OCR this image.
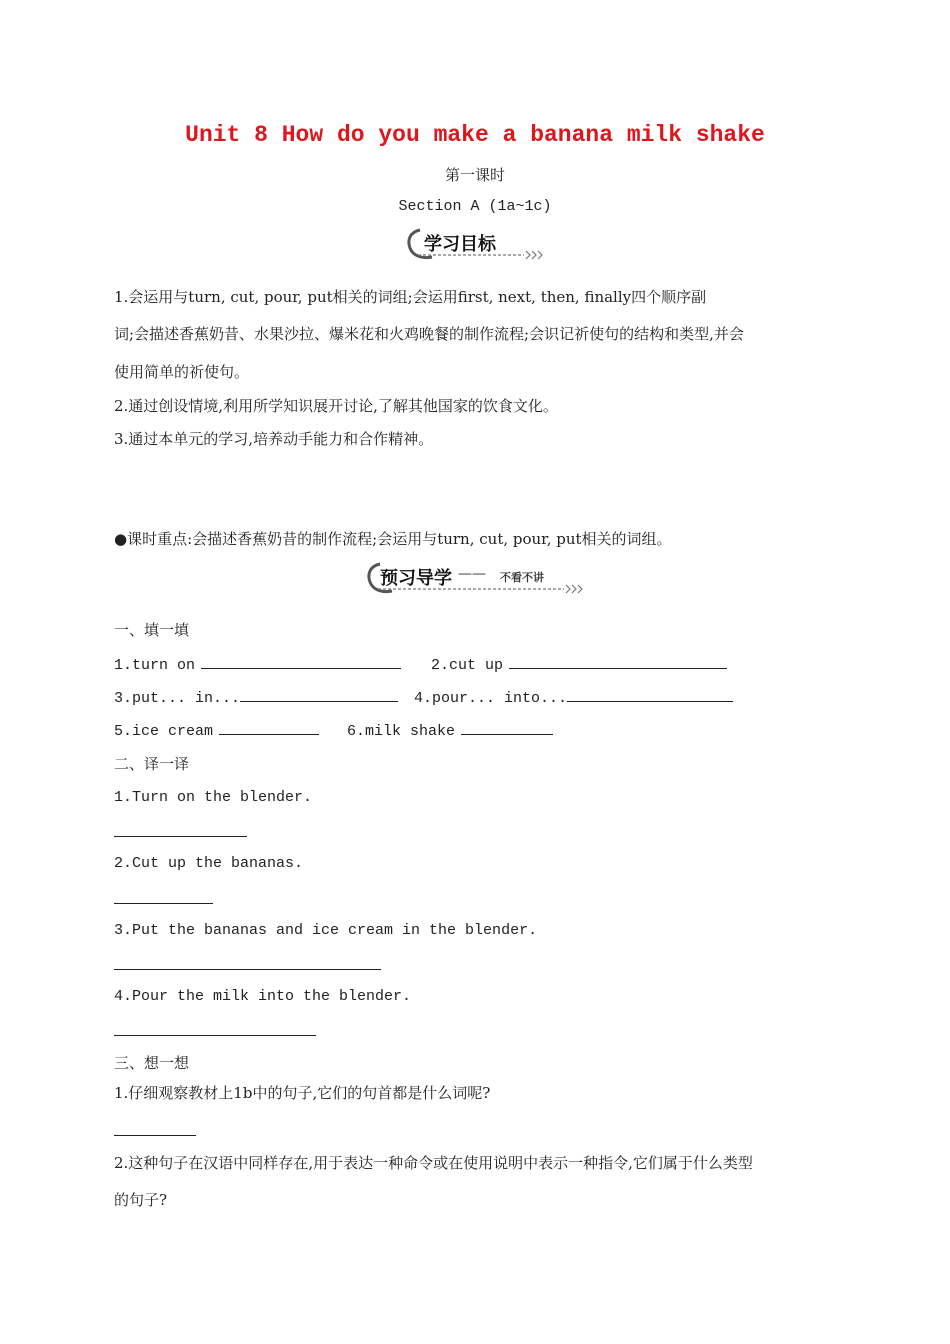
Unit 8 How do you make a banana milk shake
第一课时
Section A (1a~1c)
学习目标
1.会运用与turn, cut, pour, put相关的词组;会运用first, next, then, finally四个顺序副
词;会描述香蕉奶昔、水果沙拉、爆米花和火鸡晚餐的制作流程;会识记祈使句的结构和类型,并会
使用简单的祈使句。
2.通过创设情境,利用所学知识展开讨论,了解其他国家的饮食文化。
3.通过本单元的学习,培养动手能力和合作精神。
●课时重点:会描述香蕉奶昔的制作流程;会运用与turn, cut, pour, put相关的词组。
预习导学 —— 不看不讲
一、填一填
1.turn on	2.cut up
3.put... in...	4.pour... into...
5.ice cream	6.milk shake
二、译一译
1.Turn on the blender.
2.Cut up the bananas.
3.Put the bananas and ice cream in the blender.
4.Pour the milk into the blender.
三、想一想
1.仔细观察教材上1b中的句子,它们的句首都是什么词呢?
2.这种句子在汉语中同样存在,用于表达一种命令或在使用说明中表示一种指令,它们属于什么类型
的句子?
